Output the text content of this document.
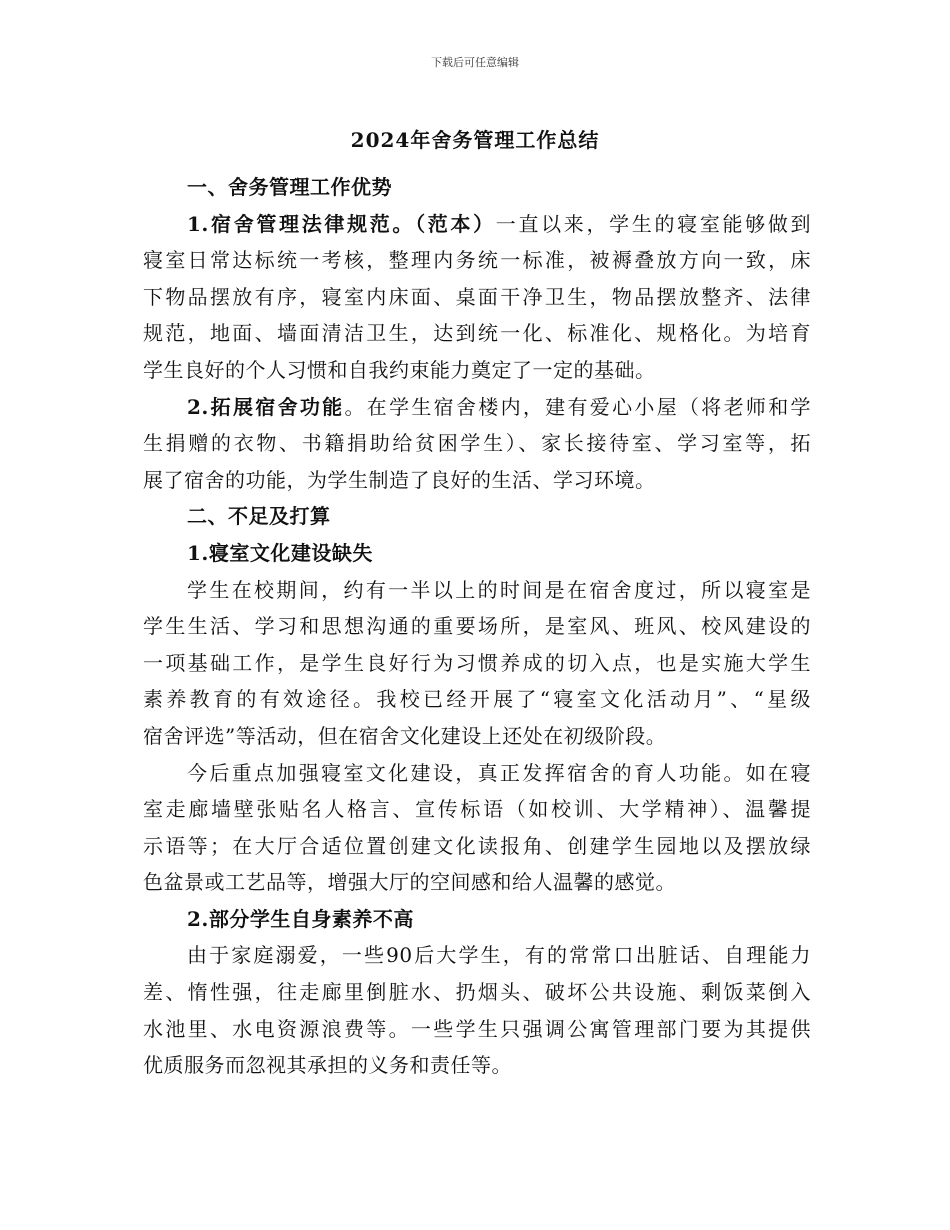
下载后可任意编辑
2024年舍务管理工作总结
一、舍务管理工作优势
1.宿舍管理法律规范。（范本）一直以来，学生的寝室能够做到
寝室日常达标统一考核，整理内务统一标准，被褥叠放方向一致，床
下物品摆放有序，寝室内床面、桌面干净卫生，物品摆放整齐、法律
规范，地面、墙面清洁卫生，达到统一化、标准化、规格化。为培育
学生良好的个人习惯和自我约束能力奠定了一定的基础。
2.拓展宿舍功能。在学生宿舍楼内，建有爱心小屋（将老师和学
生捐赠的衣物、书籍捐助给贫困学生）、家长接待室、学习室等，拓
展了宿舍的功能，为学生制造了良好的生活、学习环境。
二、不足及打算
1.寝室文化建设缺失
学生在校期间，约有一半以上的时间是在宿舍度过，所以寝室是
学生生活、学习和思想沟通的重要场所，是室风、班风、校风建设的
一项基础工作，是学生良好行为习惯养成的切入点，也是实施大学生
素养教育的有效途径。我校已经开展了“寝室文化活动月”、“星级
宿舍评选”等活动，但在宿舍文化建设上还处在初级阶段。
今后重点加强寝室文化建设，真正发挥宿舍的育人功能。如在寝
室走廊墙壁张贴名人格言、宣传标语（如校训、大学精神）、温馨提
示语等；在大厅合适位置创建文化读报角、创建学生园地以及摆放绿
色盆景或工艺品等，增强大厅的空间感和给人温馨的感觉。
2.部分学生自身素养不高
由于家庭溺爱，一些90后大学生，有的常常口出脏话、自理能力
差、惰性强，往走廊里倒脏水、扔烟头、破坏公共设施、剩饭菜倒入
水池里、水电资源浪费等。一些学生只强调公寓管理部门要为其提供
优质服务而忽视其承担的义务和责任等。
